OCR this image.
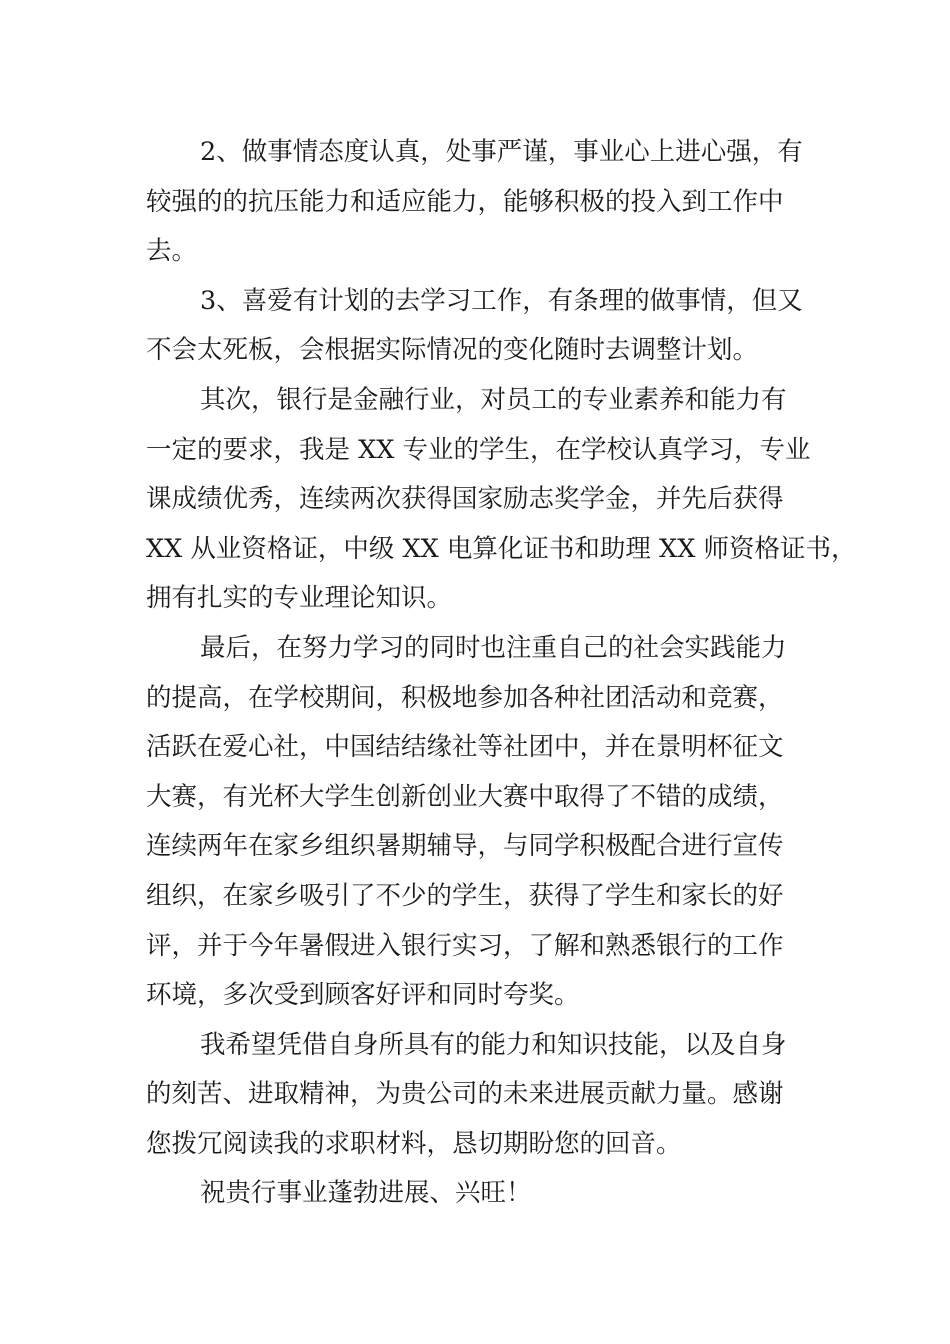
2、做事情态度认真，处事严谨，事业心上进心强，有
较强的的抗压能力和适应能力，能够积极的投入到工作中
去。
3、喜爱有计划的去学习工作，有条理的做事情，但又
不会太死板，会根据实际情况的变化随时去调整计划。
其次，银行是金融行业，对员工的专业素养和能力有
一定的要求，我是 XX 专业的学生，在学校认真学习，专业
课成绩优秀，连续两次获得国家励志奖学金，并先后获得
XX 从业资格证，中级 XX 电算化证书和助理 XX 师资格证书，
拥有扎实的专业理论知识。
最后，在努力学习的同时也注重自己的社会实践能力
的提高，在学校期间，积极地参加各种社团活动和竞赛，
活跃在爱心社，中国结结缘社等社团中，并在景明杯征文
大赛，有光杯大学生创新创业大赛中取得了不错的成绩，
连续两年在家乡组织暑期辅导，与同学积极配合进行宣传
组织，在家乡吸引了不少的学生，获得了学生和家长的好
评，并于今年暑假进入银行实习，了解和熟悉银行的工作
环境，多次受到顾客好评和同时夸奖。
我希望凭借自身所具有的能力和知识技能，以及自身
的刻苦、进取精神，为贵公司的未来进展贡献力量。感谢
您拨冗阅读我的求职材料，恳切期盼您的回音。
祝贵行事业蓬勃进展、兴旺！
